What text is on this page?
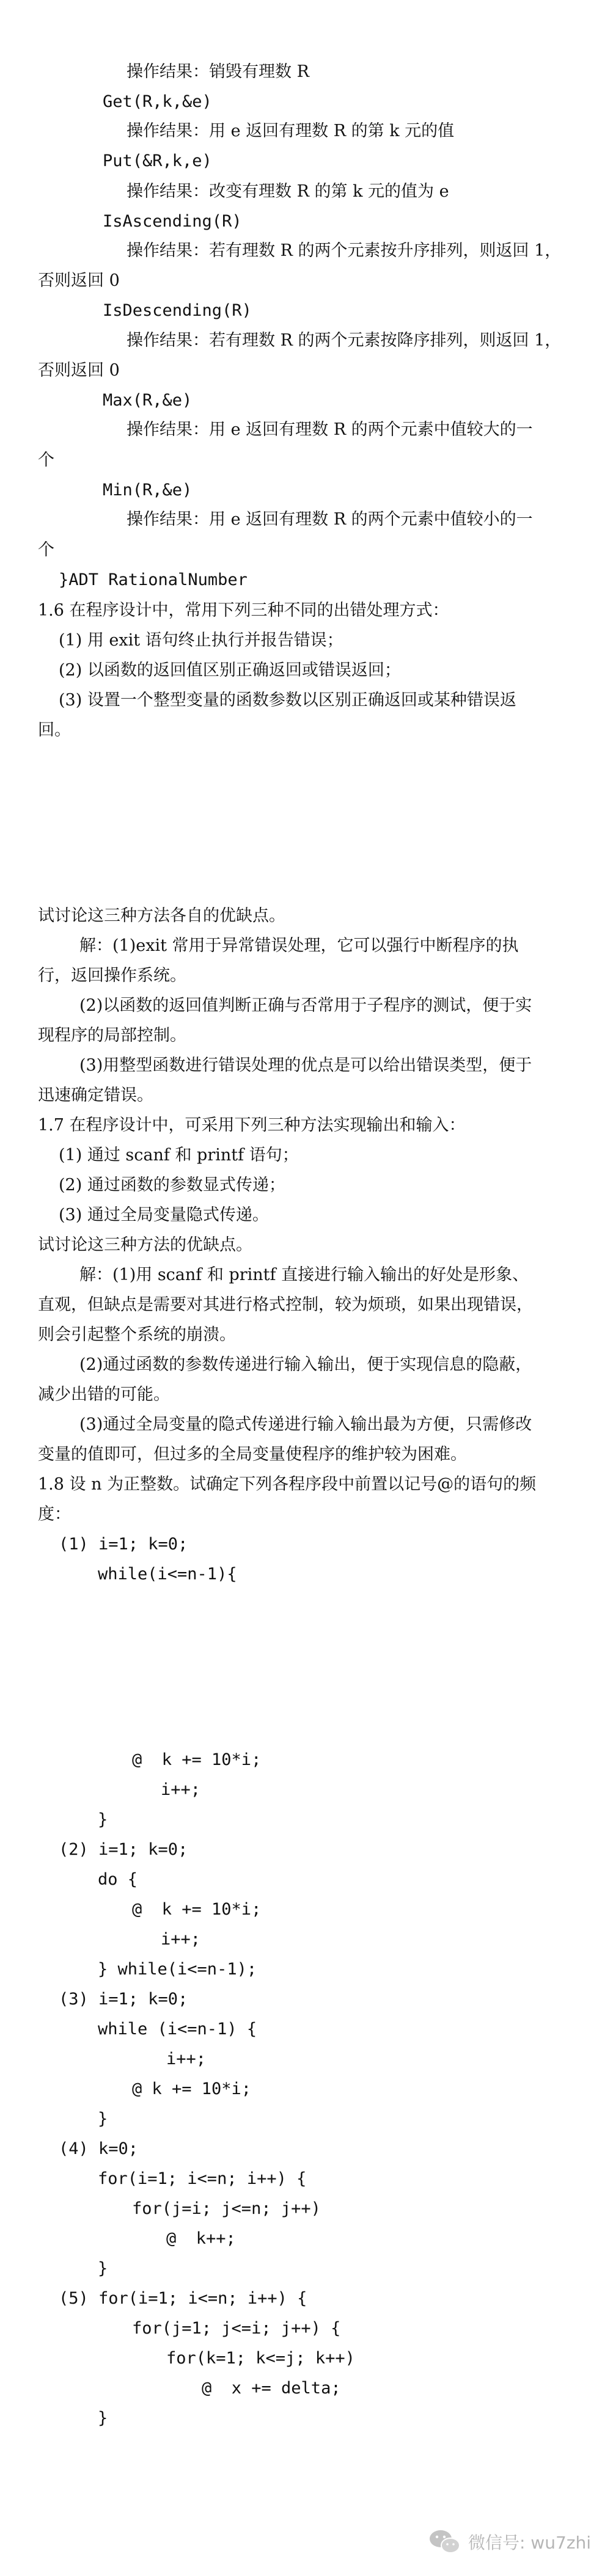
操作结果：销毁有理数 R
Get(R,k,&e)
操作结果：用 e 返回有理数 R 的第 k 元的值
Put(&R,k,e)
操作结果：改变有理数 R 的第 k 元的值为 e
IsAscending(R)
操作结果：若有理数 R 的两个元素按升序排列，则返回 1，
否则返回 0
IsDescending(R)
操作结果：若有理数 R 的两个元素按降序排列，则返回 1，
否则返回 0
Max(R,&e)
操作结果：用 e 返回有理数 R 的两个元素中值较大的一
个
Min(R,&e)
操作结果：用 e 返回有理数 R 的两个元素中值较小的一
个
}ADT RationalNumber
1.6 在程序设计中，常用下列三种不同的出错处理方式：
(1) 用 exit 语句终止执行并报告错误；
(2) 以函数的返回值区别正确返回或错误返回；
(3) 设置一个整型变量的函数参数以区别正确返回或某种错误返
回。
试讨论这三种方法各自的优缺点。
解：(1)exit 常用于异常错误处理，它可以强行中断程序的执
行，返回操作系统。
(2)以函数的返回值判断正确与否常用于子程序的测试，便于实
现程序的局部控制。
(3)用整型函数进行错误处理的优点是可以给出错误类型，便于
迅速确定错误。
1.7 在程序设计中，可采用下列三种方法实现输出和输入：
(1) 通过 scanf 和 printf 语句；
(2) 通过函数的参数显式传递；
(3) 通过全局变量隐式传递。
试讨论这三种方法的优缺点。
解：(1)用 scanf 和 printf 直接进行输入输出的好处是形象、
直观，但缺点是需要对其进行格式控制，较为烦琐，如果出现错误，
则会引起整个系统的崩溃。
(2)通过函数的参数传递进行输入输出，便于实现信息的隐蔽，
减少出错的可能。
(3)通过全局变量的隐式传递进行输入输出最为方便，只需修改
变量的值即可，但过多的全局变量使程序的维护较为困难。
1.8 设 n 为正整数。试确定下列各程序段中前置以记号@的语句的频
度：
(1) i=1; k=0;
while(i<=n-1){
@  k += 10*i;
i++;
}
(2) i=1; k=0;
do {
@  k += 10*i;
i++;
} while(i<=n-1);
(3) i=1; k=0;
while (i<=n-1) {
i++;
@ k += 10*i;
}
(4) k=0;
for(i=1; i<=n; i++) {
for(j=i; j<=n; j++)
@  k++;
}
(5) for(i=1; i<=n; i++) {
for(j=1; j<=i; j++) {
for(k=1; k<=j; k++)
@  x += delta;
}
微信号: wu7zhi
